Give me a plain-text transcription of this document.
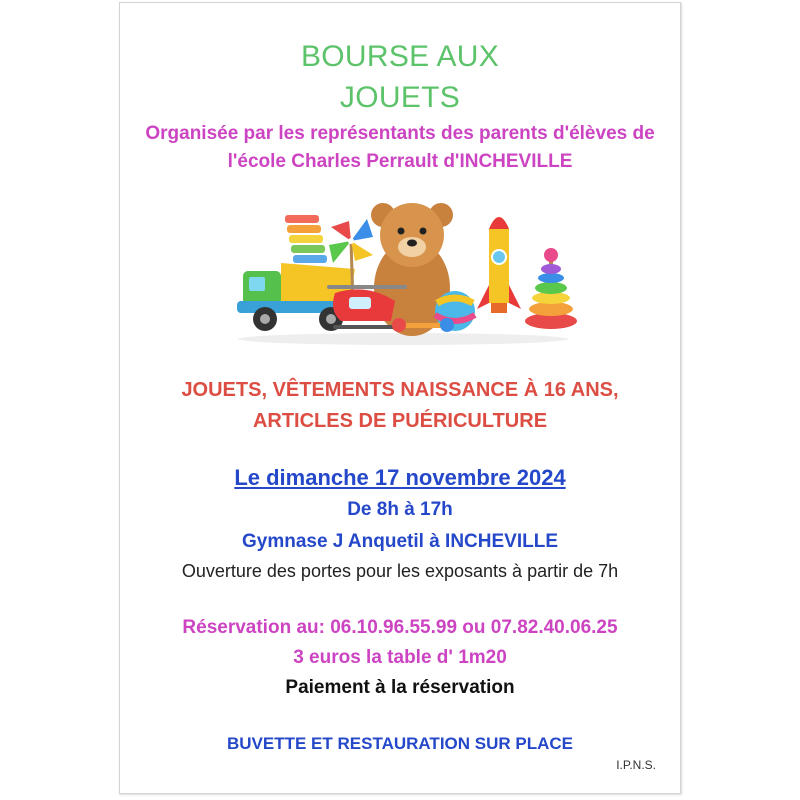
BOURSE AUX
JOUETS
Organisée par les représentants des parents d'élèves de
l'école Charles Perrault d'INCHEVILLE
JOUETS, VÊTEMENTS NAISSANCE À 16 ANS,
ARTICLES DE PUÉRICULTURE
Le dimanche 17 novembre 2024
De 8h à 17h
Gymnase J Anquetil à INCHEVILLE
Ouverture des portes pour les exposants à partir de 7h
Réservation au: 06.10.96.55.99 ou 07.82.40.06.25
3 euros la table d' 1m20
Paiement à la réservation
BUVETTE ET RESTAURATION SUR PLACE
I.P.N.S.
